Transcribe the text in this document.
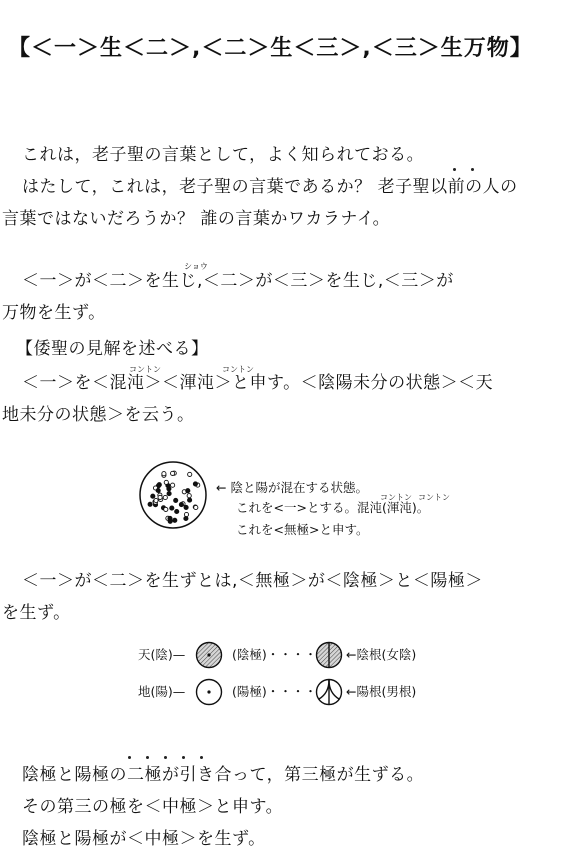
【＜一＞生＜二＞,＜二＞生＜三＞,＜三＞生万物】
これは，老子聖の言葉として，よく知られておる。
はたして，これは，老子聖の言葉であるか？ 老子聖以前の人の
言葉ではないだろうか？ 誰の言葉かワカラナイ。
ショウ
＜一＞が＜二＞を生じ,＜二＞が＜三＞を生じ,＜三＞が
万物を生ず。
【倭聖の見解を述べる】
コントン	コントン
＜一＞を＜混沌＞＜渾沌＞と申す。＜陰陽未分の状態＞＜天
地未分の状態＞を云う。
← 陰と陽が混在する状態。
コントン コントン
これを<一>とする。混沌(渾沌)。
これを<無極>と申す。
＜一＞が＜二＞を生ずとは,＜無極＞が＜陰極＞と＜陽極＞
を生ず。
天(陰)—	(陰極)・・・・ ←陰根(女陰)
地(陽)—	(陽極)・・・・ ←陽根(男根)
陰極と陽極の二極が引き合って，第三極が生ずる。
その第三の極を＜中極＞と申す。
陰極と陽極が＜中極＞を生ず。
